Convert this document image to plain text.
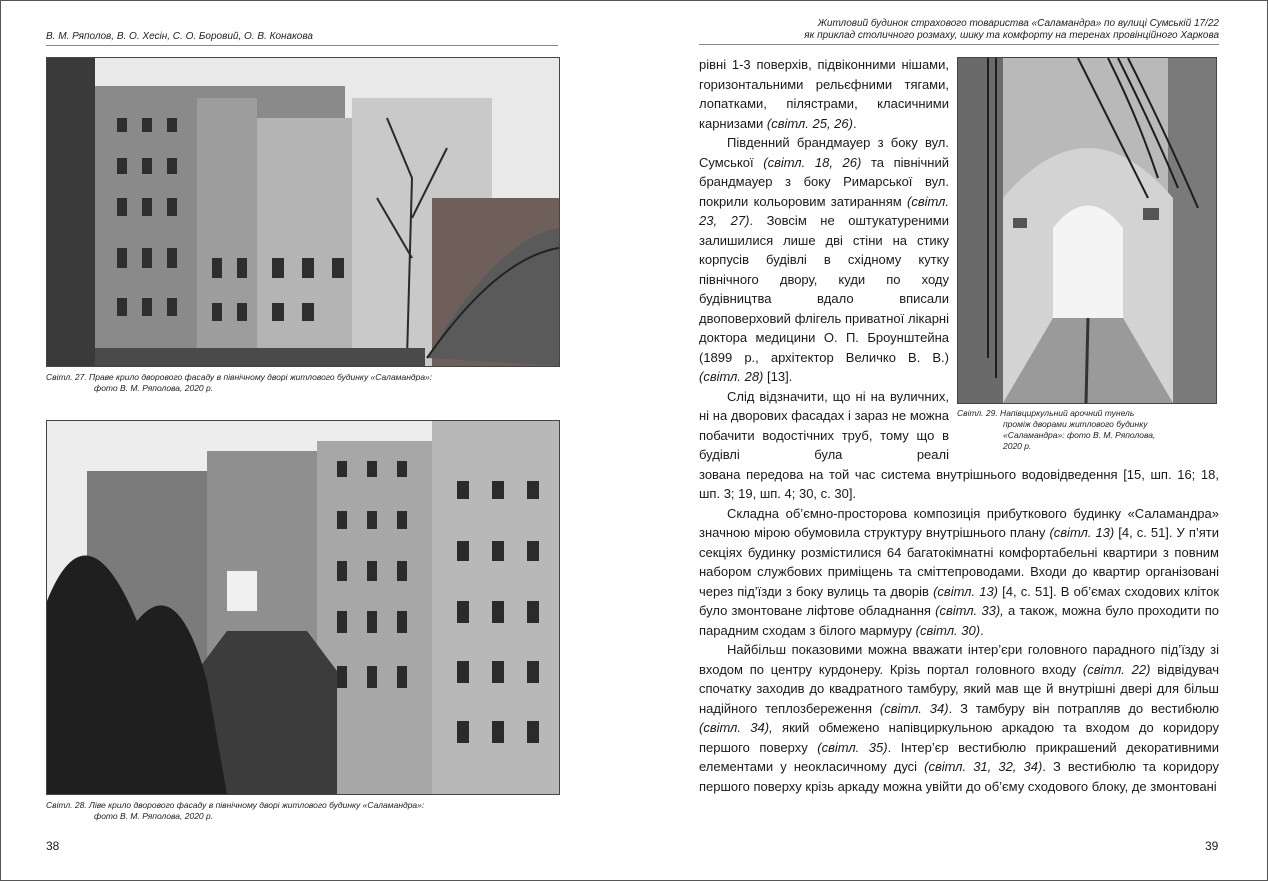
В. М. Ряполов, В. О. Хесін, С. О. Боровий, О. В. Конакова
Світл. 27. Праве крило дворового фасаду в північному дворі житлового будинку «Саламандра»:
фото В. М. Ряполова, 2020 р.
Світл. 28. Ліве крило дворового фасаду в північному дворі житлового будинку «Саламандра»:
фото В. М. Ряполова, 2020 р.
38
Житловий будинок страхового товариства «Саламандра» по вулиці Сумській 17/22
як приклад столичного розмаху, шику та комфорту на теренах провінційного Харкова
Світл. 29. Напівциркульний арочний тунель
проміж дворами житлового будинку
«Саламандра»: фото В. М. Ряполова,
2020 р.

рівні 1-3 поверхів, підвіконними нішами, горизонтальними рельєфними тягами, лопатками, пілястрами, класичними карнизами (світл. 25, 26).

Південний брандмауер з боку вул. Сумської (світл. 18, 26) та північний брандмауер з боку Римарської вул. покрили кольоровим затиранням (світл. 23, 27). Зовсім не оштукатуреними залишилися лише дві стіни на стику корпусів будівлі в східному кутку північного двору, куди по ходу будівництва вдало вписали двоповерховий флігель приватної лікарні доктора медицини О. П. Броунштейна (1899 р., архітектор Величко В. В.) (світл. 28) [13].

Слід відзначити, що ні на вуличних, ні на дворових фасадах і зараз не можна побачити водостічних труб, тому що в будівлі була реалі

зована передова на той час система внутрішнього водовідведення [15, шп. 16; 18, шп. 3; 19, шп. 4; 30, с. 30].

Складна об’ємно-просторова композиція прибуткового будинку «Саламандра» значною мірою обумовила структуру внутрішнього плану (світл. 13) [4, с. 51]. У п’яти секціях будинку розмістилися 64 багатокімнатні комфортабельні квартири з повним набором службових приміщень та сміттепроводами. Входи до квартир організовані через під’їзди з боку вулиць та дворів (світл. 13) [4, с. 51]. В об’ємах сходових кліток було змонтоване ліфтове обладнання (світл. 33), а також, можна було проходити по парадним сходам з білого мармуру (світл. 30).

Найбільш показовими можна вважати інтер’єри головного парадного під’їзду зі входом по центру курдонеру. Крізь портал головного входу (світл. 22) відвідувач спочатку заходив до квадратного тамбуру, який мав ще й внутрішні двері для більш надійного теплозбереження (світл. 34). З тамбуру він потрапляв до вестибюлю (світл. 34), який обмежено напівциркульною аркадою та входом до коридору першого поверху (світл. 35). Інтер’єр вестибюлю прикрашений декоративними елементами у неокласичному дусі (світл. 31, 32, 34). З вестибюлю та коридору першого поверху крізь аркаду можна увійти до об’єму сходового блоку, де змонтовані

39
